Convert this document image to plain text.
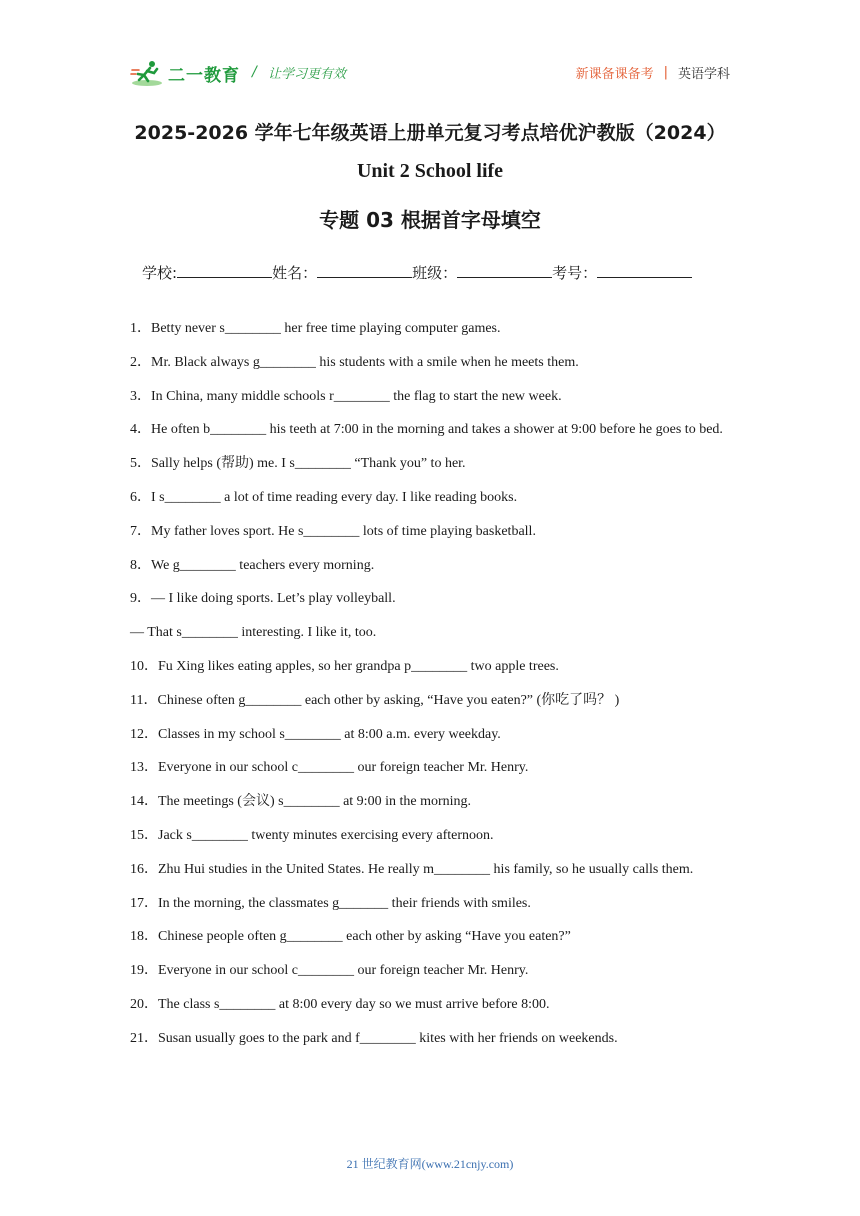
二一教育 / 让学习更有效	新课备课备考 | 英语学科
2025-2026 学年七年级英语上册单元复习考点培优沪教版（2024）
Unit 2 School life
专题 03 根据首字母填空
学校:	姓名：	班级：	考号：

1．Betty never s________ her free time playing computer games.

2．Mr. Black always g________ his students with a smile when he meets them.

3．In China, many middle schools r________ the flag to start the new week.

4．He often b________ his teeth at 7:00 in the morning and takes a shower at 9:00 before he goes to bed.

5．Sally helps (帮助) me. I s________ “Thank you” to her.

6．I s________ a lot of time reading every day. I like reading books.

7．My father loves sport. He s________ lots of time playing basketball.

8．We g________ teachers every morning.

9．— I like doing sports. Let’s play volleyball.

— That s________ interesting. I like it, too.

10．Fu Xing likes eating apples, so her grandpa p________ two apple trees.

11．Chinese often g________ each other by asking, “Have you eaten?” (你吃了吗？ )

12．Classes in my school s________ at 8:00 a.m. every weekday.

13．Everyone in our school c________ our foreign teacher Mr. Henry.

14．The meetings (会议) s________ at 9:00 in the morning.

15．Jack s________ twenty minutes exercising every afternoon.

16．Zhu Hui studies in the United States. He really m________ his family, so he usually calls them.

17．In the morning, the classmates g_______ their friends with smiles.

18．Chinese people often g________ each other by asking “Have you eaten?”

19．Everyone in our school c________ our foreign teacher Mr. Henry.

20．The class s________ at 8:00 every day so we must arrive before 8:00.

21．Susan usually goes to the park and f________ kites with her friends on weekends.

21 世纪教育网(www.21cnjy.com)
